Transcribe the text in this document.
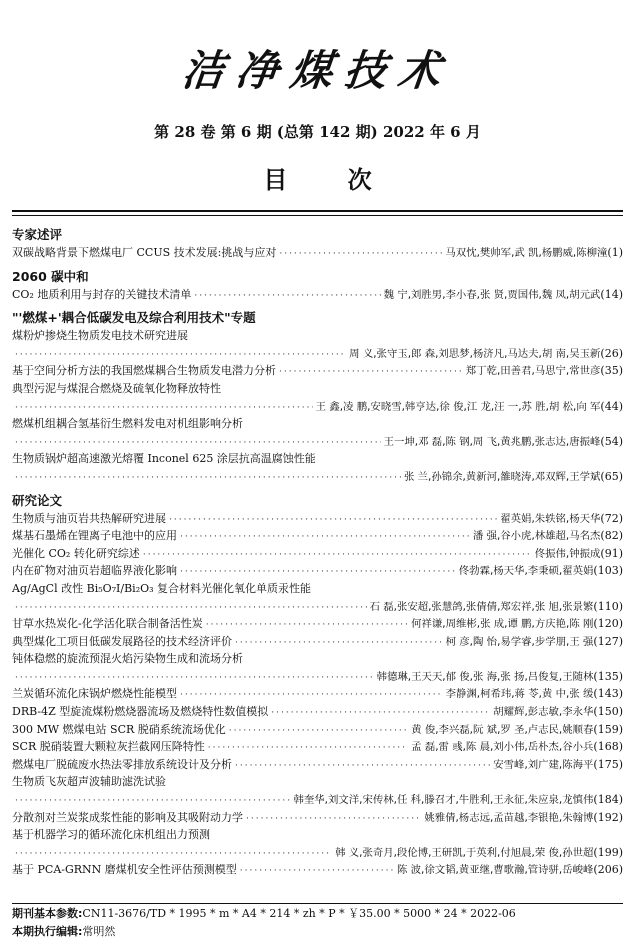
洁净煤技术
第 28 卷 第 6 期 (总第 142 期) 2022 年 6 月
目 次
专家述评
双碳战略背景下燃煤电厂 CCUS 技术发展:挑战与应对 ·····	马双忱,樊帅军,武 凯,杨鹏威,陈柳潼 (1)
2060 碳中和
CO₂ 地质利用与封存的关键技术清单 ·····	魏 宁,刘胜男,李小春,张 贤,贾国伟,魏 凤,胡元武 (14)
"'燃煤+'耦合低碳发电及综合利用技术"专题
煤粉炉掺烧生物质发电技术研究进展
·····
周 义,张守玉,郎 森,刘思梦,杨济凡,马达夫,胡 南,吴玉新 (26)
基于空间分析方法的我国燃煤耦合生物质发电潜力分析 ·····	郑丁乾,田善君,马思宁,常世彦 (35)
典型污泥与煤混合燃烧及硫氧化物释放特性
·····
王 鑫,凌 鹏,安晓雪,韩亨达,徐 俊,江 龙,汪 一,苏 胜,胡 松,向 军 (44)
燃煤机组耦合氢基衍生燃料发电对机组影响分析
·····
王一坤,邓 磊,陈 钢,周 飞,黄兆鹏,张志达,唐振峰 (54)
生物质锅炉超高速激光熔覆 Inconel 625 涂层抗高温腐蚀性能
·····
张 兰,孙锦余,黄新河,雒晓涛,邓双辉,王学斌 (65)
研究论文
生物质与油页岩共热解研究进展 ·····	翟英娟,朱轶铭,杨天华 (72)
煤基石墨烯在锂离子电池中的应用 ·····	潘 强,谷小虎,林雄超,马名杰 (82)
光催化 CO₂ 转化研究综述 ·····	佟振伟,钟振成 (91)
内在矿物对油页岩超临界液化影响 ·····	佟勃霖,杨天华,李秉硕,翟英娟 (103)
Ag/AgCl 改性 Bi₅O₇I/Bi₂O₃ 复合材料光催化氧化单质汞性能
·····
石 磊,张安超,张慧鸽,张倩倩,郑宏祥,张 旭,张景繁 (110)
甘草水热炭化-化学活化联合制备活性炭 ·····	何祥谦,周维彬,张 成,谭 鹏,方庆艳,陈 刚 (120)
典型煤化工项目低碳发展路径的技术经济评价 ·····	柯 彦,陶 怡,易学睿,步学朋,王 强 (127)
钝体稳燃的旋流预混火焰污染物生成和流场分析
·····
韩德琳,王天天,郁 俊,张 海,张 扬,吕俊复,王随林 (135)
兰炭循环流化床锅炉燃烧性能模型 ·····	李静渊,柯希玮,蒋 苓,黄 中,张 缓 (143)
DRB-4Z 型旋流煤粉燃烧器流场及燃烧特性数值模拟 ·····	胡耀辉,彭志敏,李永华 (150)
300 MW 燃煤电站 SCR 脱硝系统流场优化 ·····	黄 俊,李兴磊,阮 斌,罗 圣,卢志民,姚顺春 (159)
SCR 脱硝装置大颗粒灰拦截网压降特性 ·····	孟 磊,雷 彧,陈 晨,刘小伟,岳朴杰,谷小兵 (168)
燃煤电厂脱硫废水热法零排放系统设计及分析 ·····	安雪峰,刘广建,陈海平 (175)
生物质飞灰超声波辅助滤洗试验
·····
韩奎华,刘文洋,宋传林,任 科,滕召才,牛胜利,王永征,朱应泉,龙慎伟 (184)
分散剂对兰炭浆成浆性能的影响及其吸附动力学 ·····	姚雅倩,杨志远,孟苗越,李银艳,朱翰博 (192)
基于机器学习的循环流化床机组出力预测
·····
韩 义,张奇月,段伦博,王研凯,于英利,付旭晨,荣 俊,孙世超 (199)
基于 PCA-GRNN 磨煤机安全性评估预测模型 ·····	陈 波,徐文韬,黄亚继,曹歌瀚,管诗骈,岳峻峰 (206)
期刊基本参数:CN11-3676/TD * 1995 * m * A4 * 214 * zh * P * ￥35.00 * 5000 * 24 * 2022-06
本期执行编辑:常明然
